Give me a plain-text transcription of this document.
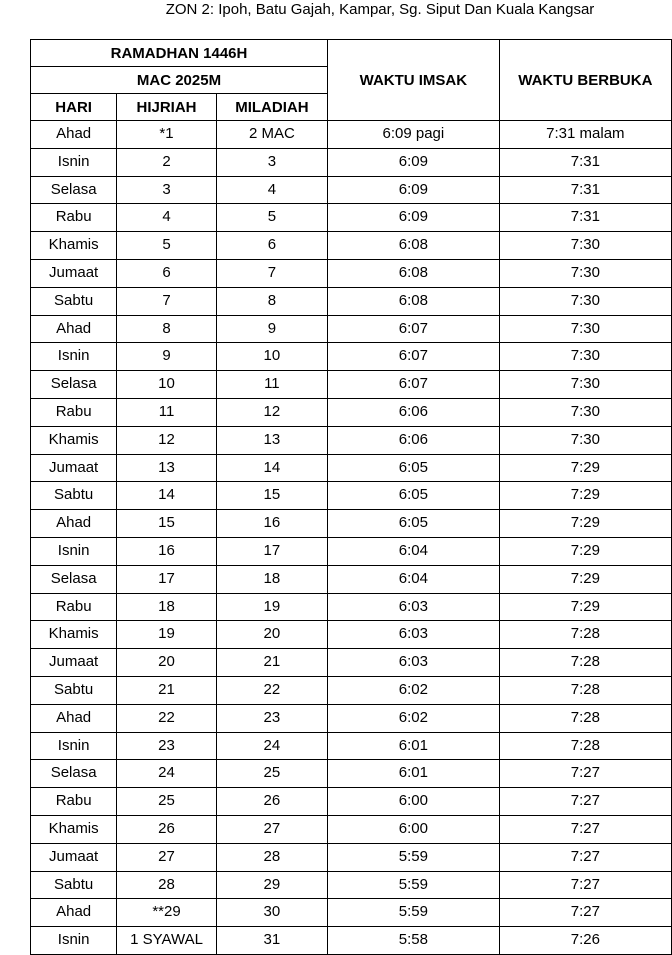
ZON 2: Ipoh, Batu Gajah, Kampar, Sg. Siput Dan Kuala Kangsar
RAMADHAN 1446H			WAKTU IMSAK	WAKTU BERBUKA
MAC 2025M				
HARI	HIJRIAH	MILADIAH		
Ahad	*1	2 MAC	6:09 pagi	7:31 malam
Isnin	2	3	6:09	7:31
Selasa	3	4	6:09	7:31
Rabu	4	5	6:09	7:31
Khamis	5	6	6:08	7:30
Jumaat	6	7	6:08	7:30
Sabtu	7	8	6:08	7:30
Ahad	8	9	6:07	7:30
Isnin	9	10	6:07	7:30
Selasa	10	11	6:07	7:30
Rabu	11	12	6:06	7:30
Khamis	12	13	6:06	7:30
Jumaat	13	14	6:05	7:29
Sabtu	14	15	6:05	7:29
Ahad	15	16	6:05	7:29
Isnin	16	17	6:04	7:29
Selasa	17	18	6:04	7:29
Rabu	18	19	6:03	7:29
Khamis	19	20	6:03	7:28
Jumaat	20	21	6:03	7:28
Sabtu	21	22	6:02	7:28
Ahad	22	23	6:02	7:28
Isnin	23	24	6:01	7:28
Selasa	24	25	6:01	7:27
Rabu	25	26	6:00	7:27
Khamis	26	27	6:00	7:27
Jumaat	27	28	5:59	7:27
Sabtu	28	29	5:59	7:27
Ahad	**29	30	5:59	7:27
Isnin	1 SYAWAL	31	5:58	7:26
